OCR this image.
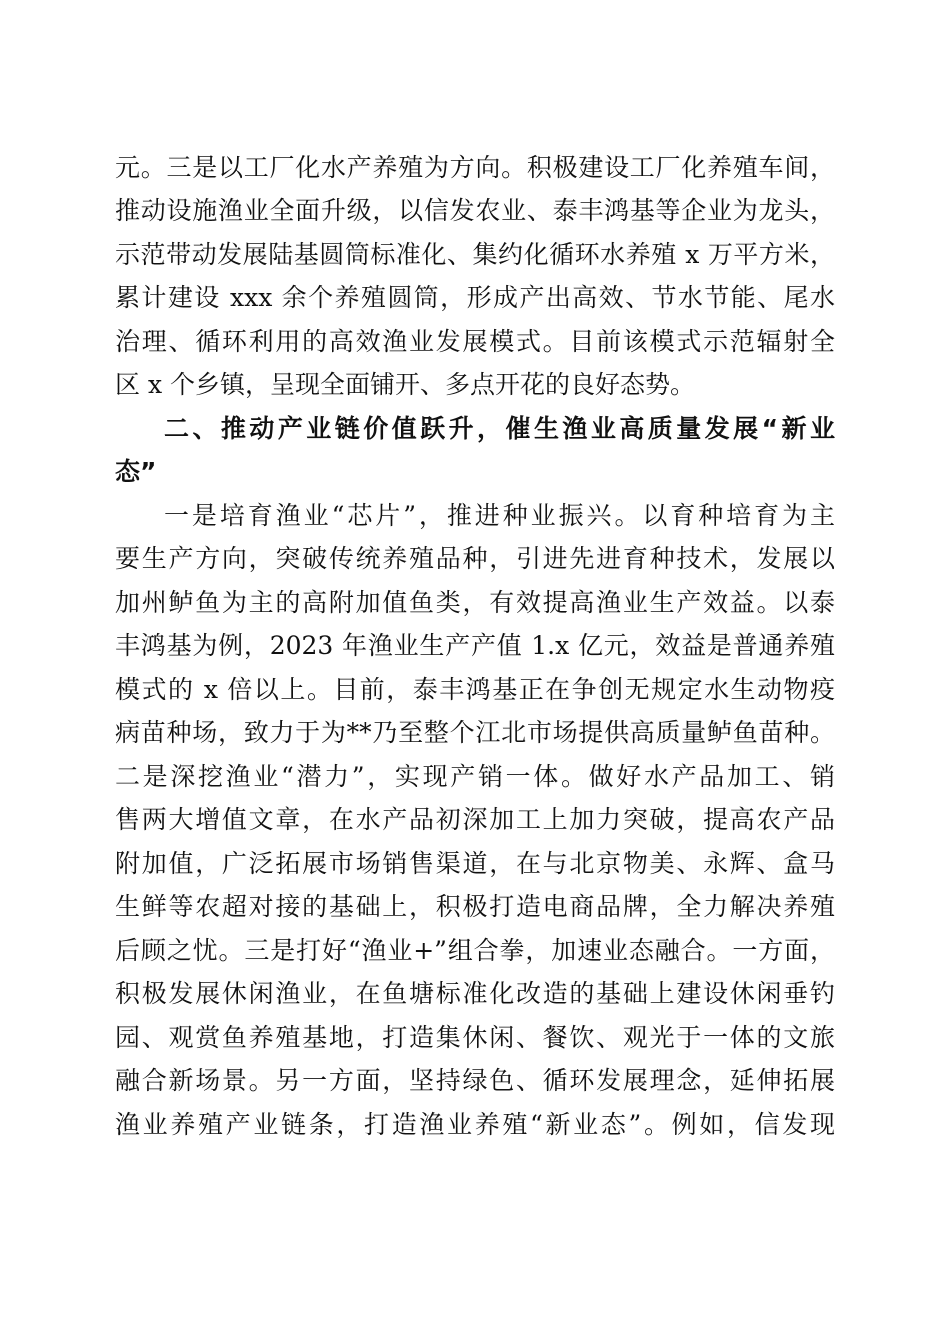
元。三是以工厂化水产养殖为方向。积极建设工厂化养殖车间，
推动设施渔业全面升级，以信发农业、泰丰鸿基等企业为龙头，
示范带动发展陆基圆筒标准化、集约化循环水养殖 x 万平方米，
累计建设 xxx 余个养殖圆筒，形成产出高效、节水节能、尾水
治理、循环利用的高效渔业发展模式。目前该模式示范辐射全
区 x 个乡镇，呈现全面铺开、多点开花的良好态势。
二、推动产业链价值跃升，催生渔业高质量发展“新业
态”
一是培育渔业“芯片”，推进种业振兴。以育种培育为主
要生产方向，突破传统养殖品种，引进先进育种技术，发展以
加州鲈鱼为主的高附加值鱼类，有效提高渔业生产效益。以泰
丰鸿基为例，2023 年渔业生产产值 1.x 亿元，效益是普通养殖
模式的 x 倍以上。目前，泰丰鸿基正在争创无规定水生动物疫
病苗种场，致力于为**乃至整个江北市场提供高质量鲈鱼苗种。
二是深挖渔业“潜力”，实现产销一体。做好水产品加工、销
售两大增值文章，在水产品初深加工上加力突破，提高农产品
附加值，广泛拓展市场销售渠道，在与北京物美、永辉、盒马
生鲜等农超对接的基础上，积极打造电商品牌，全力解决养殖
后顾之忧。三是打好“渔业+”组合拳，加速业态融合。一方面，
积极发展休闲渔业，在鱼塘标准化改造的基础上建设休闲垂钓
园、观赏鱼养殖基地，打造集休闲、餐饮、观光于一体的文旅
融合新场景。另一方面，坚持绿色、循环发展理念，延伸拓展
渔业养殖产业链条，打造渔业养殖“新业态”。例如，信发现
